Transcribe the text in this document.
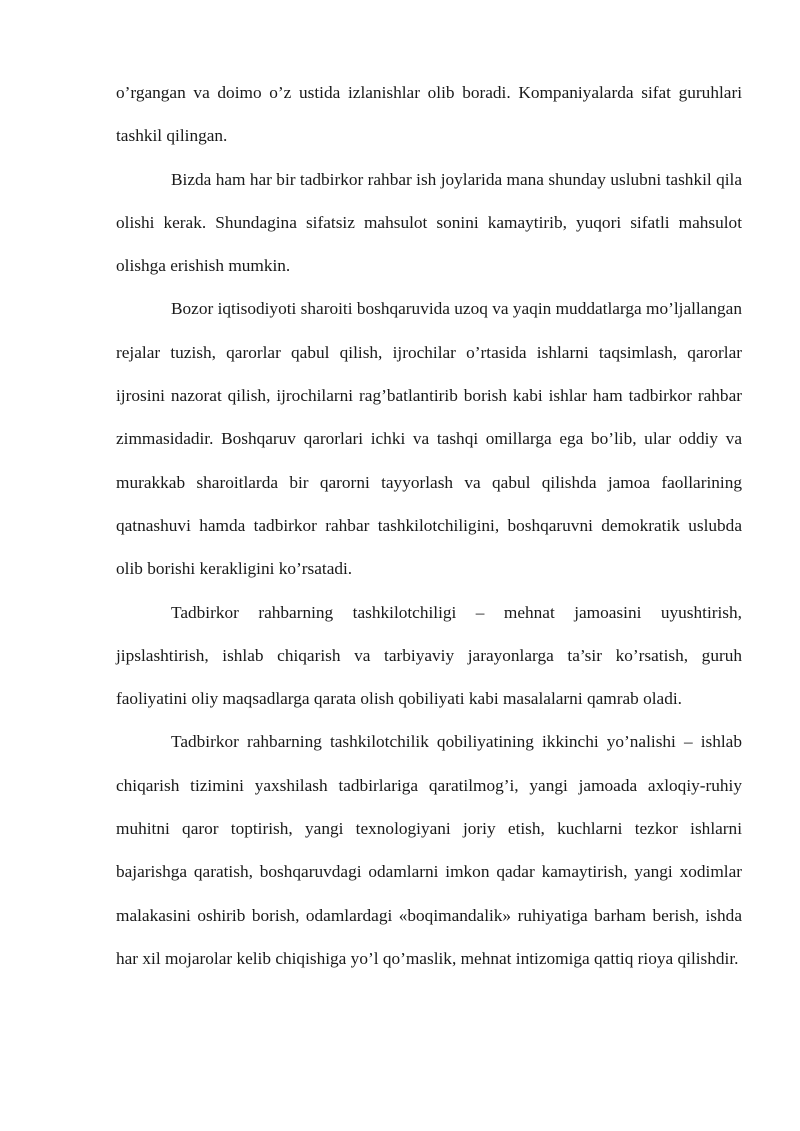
o’rgangan va doimo o’z ustida izlanishlar olib boradi. Kompaniyalarda sifat guruhlari tashkil qilingan.

Bizda ham har bir tadbirkor rahbar ish joylarida mana shunday uslubni tashkil qila olishi kerak. Shundagina sifatsiz mahsulot sonini kamaytirib, yuqori sifatli mahsulot olishga erishish mumkin.

Bozor iqtisodiyoti sharoiti boshqaruvida uzoq va yaqin muddatlarga mo’ljallangan rejalar tuzish, qarorlar qabul qilish, ijrochilar o’rtasida ishlarni taqsimlash, qarorlar ijrosini nazorat qilish, ijrochilarni rag’batlantirib borish kabi ishlar ham tadbirkor rahbar zimmasidadir. Boshqaruv qarorlari ichki va tashqi omillarga ega bo’lib, ular oddiy va murakkab sharoitlarda bir qarorni tayyorlash va qabul qilishda jamoa faollarining qatnashuvi hamda tadbirkor rahbar tashkilotchiligini, boshqaruvni demokratik uslubda olib borishi kerakligini ko’rsatadi.

Tadbirkor rahbarning tashkilotchiligi – mehnat jamoasini uyushtirish, jipslashtirish, ishlab chiqarish va tarbiyaviy jarayonlarga ta’sir ko’rsatish, guruh faoliyatini oliy maqsadlarga qarata olish qobiliyati kabi masalalarni qamrab oladi.

Tadbirkor rahbarning tashkilotchilik qobiliyatining ikkinchi yo’nalishi – ishlab chiqarish tizimini yaxshilash tadbirlariga qaratilmog’i, yangi jamoada axloqiy-ruhiy muhitni qaror toptirish, yangi texnologiyani joriy etish, kuchlarni tezkor ishlarni bajarishga qaratish, boshqaruvdagi odamlarni imkon qadar kamaytirish, yangi xodimlar malakasini oshirib borish, odamlardagi «boqimandalik» ruhiyatiga barham berish, ishda har xil mojarolar kelib chiqishiga yo’l qo’maslik, mehnat intizomiga qattiq rioya qilishdir.
